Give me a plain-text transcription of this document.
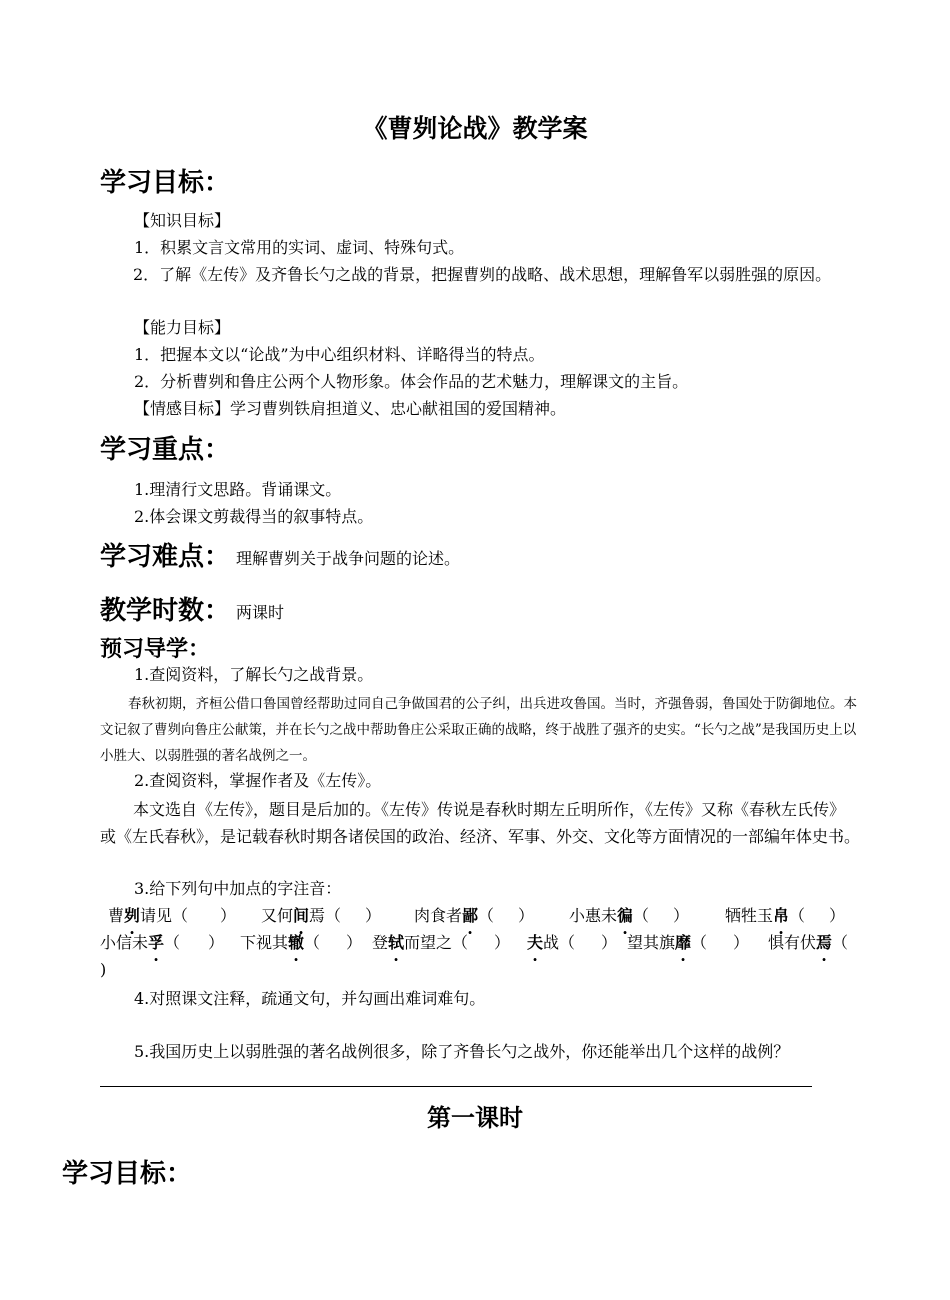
《曹刿论战》教学案
学习目标：
【知识目标】
1．积累文言文常用的实词、虚词、特殊句式。
2．了解《左传》及齐鲁长勺之战的背景，把握曹刿的战略、战术思想，理解鲁军以弱胜强的原因。
【能力目标】
1．把握本文以“论战”为中心组织材料、详略得当的特点。
2．分析曹刿和鲁庄公两个人物形象。体会作品的艺术魅力，理解课文的主旨。
【情感目标】学习曹刿铁肩担道义、忠心献祖国的爱国精神。
学习重点：
1.理清行文思路。背诵课文。
2.体会课文剪裁得当的叙事特点。
学习难点： 理解曹刿关于战争问题的论述。
教学时数： 两课时
预习导学：
1.查阅资料，了解长勺之战背景。
春秋初期，齐桓公借口鲁国曾经帮助过同自己争做国君的公子纠，出兵进攻鲁国。当时，齐强鲁弱，鲁国处于防御地位。本文记叙了曹刿向鲁庄公献策，并在长勺之战中帮助鲁庄公采取正确的战略，终于战胜了强齐的史实。“长勺之战”是我国历史上以小胜大、以弱胜强的著名战例之一。
2.查阅资料，掌握作者及《左传》。
本文选自《左传》，题目是后加的。《左传》传说是春秋时期左丘明所作，《左传》又称《春秋左氏传》或《左氏春秋》，是记载春秋时期各诸侯国的政治、经济、军事、外交、文化等方面情况的一部编年体史书。
3.给下列句中加点的字注音：
曹刿请见（ ） 又何间焉（ ） 肉食者鄙（ ） 小惠未徧（ ） 牺牲玉帛（ ）
小信未孚（ ） 下视其辙（ ） 登轼而望之（ ） 夫战（ ） 望其旗靡（ ） 惧有伏焉（
)
4.对照课文注释，疏通文句，并勾画出难词难句。
5.我国历史上以弱胜强的著名战例很多，除了齐鲁长勺之战外，你还能举出几个这样的战例？
第一课时
学习目标：
